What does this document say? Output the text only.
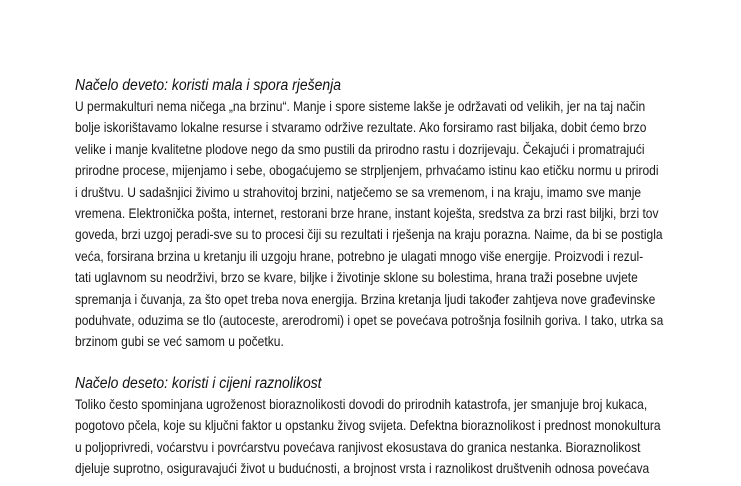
Načelo deveto: koristi mala i spora rješenja
U permakulturi nema ničega „na brzinu“. Manje i spore sisteme lakše je održavati od velikih, jer na taj način
bolje iskorištavamo lokalne resurse i stvaramo održive rezultate. Ako forsiramo rast biljaka, dobit ćemo brzo
velike i manje kvalitetne plodove nego da smo pustili da prirodno rastu i dozrijevaju. Čekajući i promatrajući
prirodne procese, mijenjamo i sebe, obogaćujemo se strpljenjem, prhvaćamo istinu kao etičku normu u prirodi
i društvu. U sadašnjici živimo u strahovitoj brzini, natječemo se sa vremenom, i na kraju, imamo sve manje
vremena. Elektronička pošta, internet, restorani brze hrane, instant koješta, sredstva za brzi rast biljki, brzi tov
goveda, brzi uzgoj peradi-sve su to procesi čiji su rezultati i rješenja na kraju poraznа. Naime, da bi se postigla
veća, forsirana brzina u kretanju ili uzgoju hrane, potrebno je ulagati mnogo više energije. Proizvodi i rezul-
tati uglavnom su neodrživi, brzo se kvare, biljke i životinje sklone su bolestima, hrana traži posebne uvjete
spremanja i čuvanja, za što opet treba nova energija. Brzina kretanja ljudi također zahtjeva nove građevinske
poduhvate, oduzima se tlo (autoceste, arerodromi) i opet se povećava potrošnja fosilnih goriva. I tako, utrka sa
brzinom gubi se već samom u početku.
Načelo deseto: koristi i cijeni raznolikost
Toliko često spominjana ugroženost bioraznolikosti dovodi do prirodnih katastrofa, jer smanjuje broj kukaca,
pogotovo pčela, koje su ključni faktor u opstanku živog svijeta. Defektna bioraznolikost i prednost monokultura
u poljoprivredi, voćarstvu i povrćarstvu povećava ranjivost ekosustava do granica nestanka. Bioraznolikost
djeluje suprotno, osiguravajući život u budućnosti, a brojnost vrsta i raznolikost društvenih odnosa povećava
